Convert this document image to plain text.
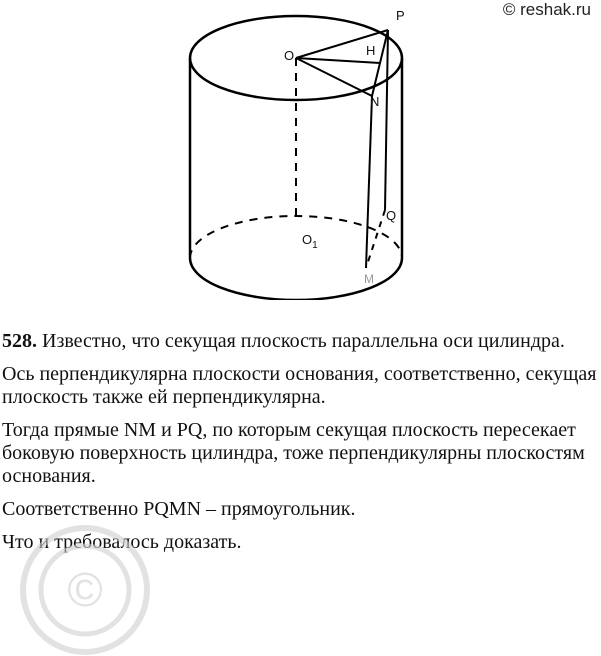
© reshak.ru
O
P
H
N
Q
$O_1$
M

528. Известно, что секущая плоскость параллельна оси цилиндра.

Ось перпендикулярна плоскости основания, соответственно, секущая плоскость также ей перпендикулярна.

Тогда прямые NM и PQ, по которым секущая плоскость пересекает боковую поверхность цилиндра, тоже перпендикулярны плоскостям основания.

Соответственно PQMN – прямоугольник.

Что и требовалось доказать.

©
